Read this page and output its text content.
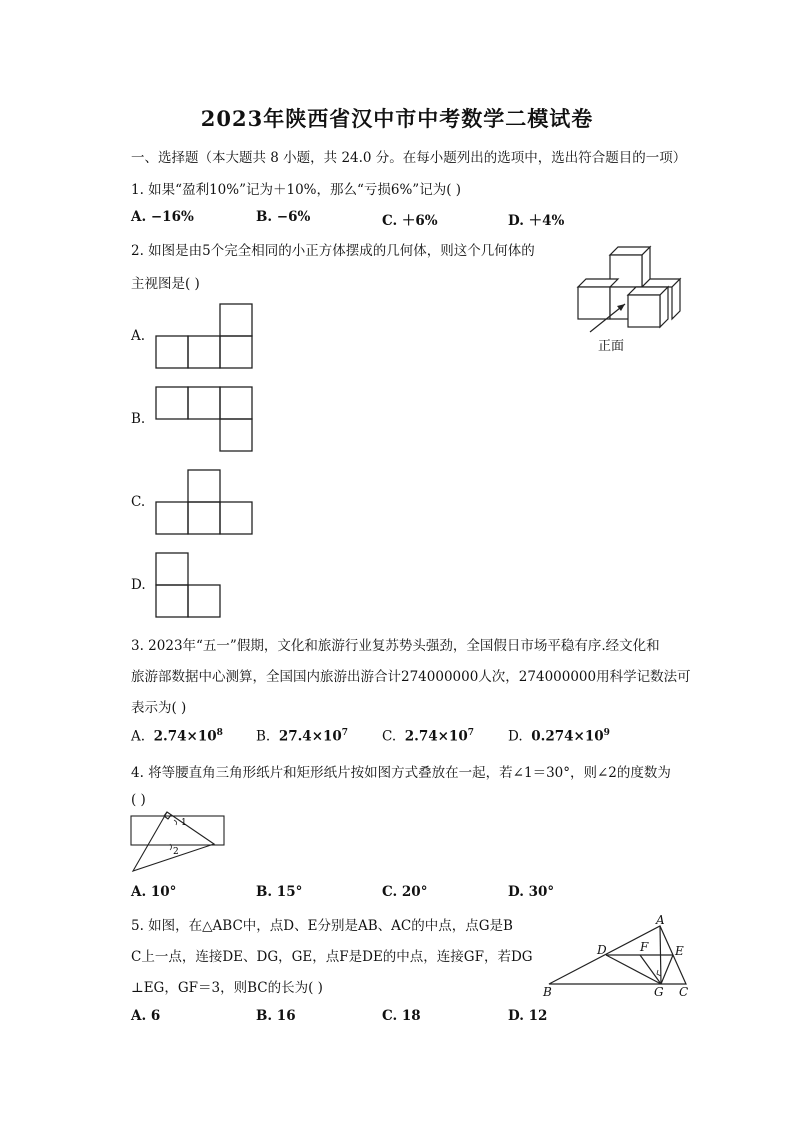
2023年陕西省汉中市中考数学二模试卷
一、选择题（本大题共 8 小题，共 24.0 分。在每小题列出的选项中，选出符合题目的一项）
1. 如果“盈利10%”记为＋10%，那么“亏损6%”记为( )
A. −16%	B. −6%	C. ＋6%	D. ＋4%
2. 如图是由5个完全相同的小正方体摆成的几何体，则这个几何体的
主视图是( )
正面
A.
B.
C.
D.
3. 2023年“五一”假期，文化和旅游行业复苏势头强劲，全国假日市场平稳有序.经文化和
旅游部数据中心测算，全国国内旅游出游合计274000000人次，274000000用科学记数法可
表示为( )
A. $2.74\times 10^8$ B. $27.4\times 10^7$	C. $2.74\times 10^7$	D. $0.274\times 10^9$
4. 将等腰直角三角形纸片和矩形纸片按如图方式叠放在一起，若∠1＝30°，则∠2的度数为
( )
1
2
A. 10°	B. 15°	C. 20°	D. 30°
5. 如图，在△ABC中，点D、E分别是AB、AC的中点，点G是B
C上一点，连接DE、DG，GE，点F是DE的中点，连接GF，若DG
⊥EG，GF＝3，则BC的长为( )
A
D	F E
B	G C
A. 6	B. 16	C. 18	D. 12
